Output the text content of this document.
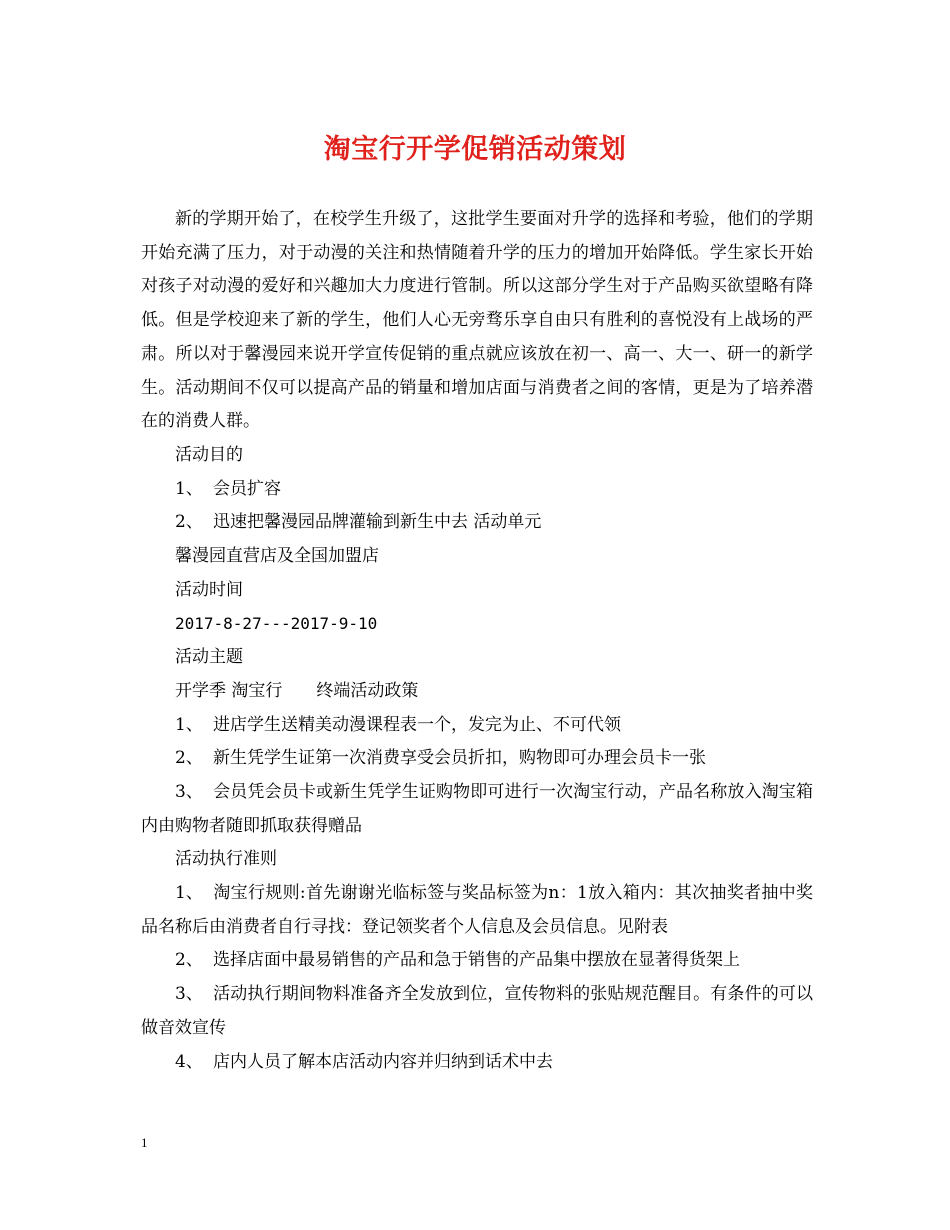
淘宝行开学促销活动策划

新的学期开始了，在校学生升级了，这批学生要面对升学的选择和考验，他们的学期开始充满了压力，对于动漫的关注和热情随着升学的压力的增加开始降低。学生家长开始对孩子对动漫的爱好和兴趣加大力度进行管制。所以这部分学生对于产品购买欲望略有降低。但是学校迎来了新的学生，他们人心无旁骛乐享自由只有胜利的喜悦没有上战场的严肃。所以对于馨漫园来说开学宣传促销的重点就应该放在初一、高一、大一、研一的新学生。活动期间不仅可以提高产品的销量和增加店面与消费者之间的客情，更是为了培养潜在的消费人群。

活动目的

1、 会员扩容

2、 迅速把馨漫园品牌灌输到新生中去 活动单元

馨漫园直营店及全国加盟店

活动时间

2017-8-27---2017-9-10

活动主题

开学季 淘宝行　　终端活动政策

1、 进店学生送精美动漫课程表一个，发完为止、不可代领

2、 新生凭学生证第一次消费享受会员折扣，购物即可办理会员卡一张

3、 会员凭会员卡或新生凭学生证购物即可进行一次淘宝行动，产品名称放入淘宝箱内由购物者随即抓取获得赠品

活动执行准则

1、 淘宝行规则:首先谢谢光临标签与奖品标签为n：1放入箱内：其次抽奖者抽中奖品名称后由消费者自行寻找：登记领奖者个人信息及会员信息。见附表

2、 选择店面中最易销售的产品和急于销售的产品集中摆放在显著得货架上

3、 活动执行期间物料准备齐全发放到位，宣传物料的张贴规范醒目。有条件的可以做音效宣传

4、 店内人员了解本店活动内容并归纳到话术中去

1
